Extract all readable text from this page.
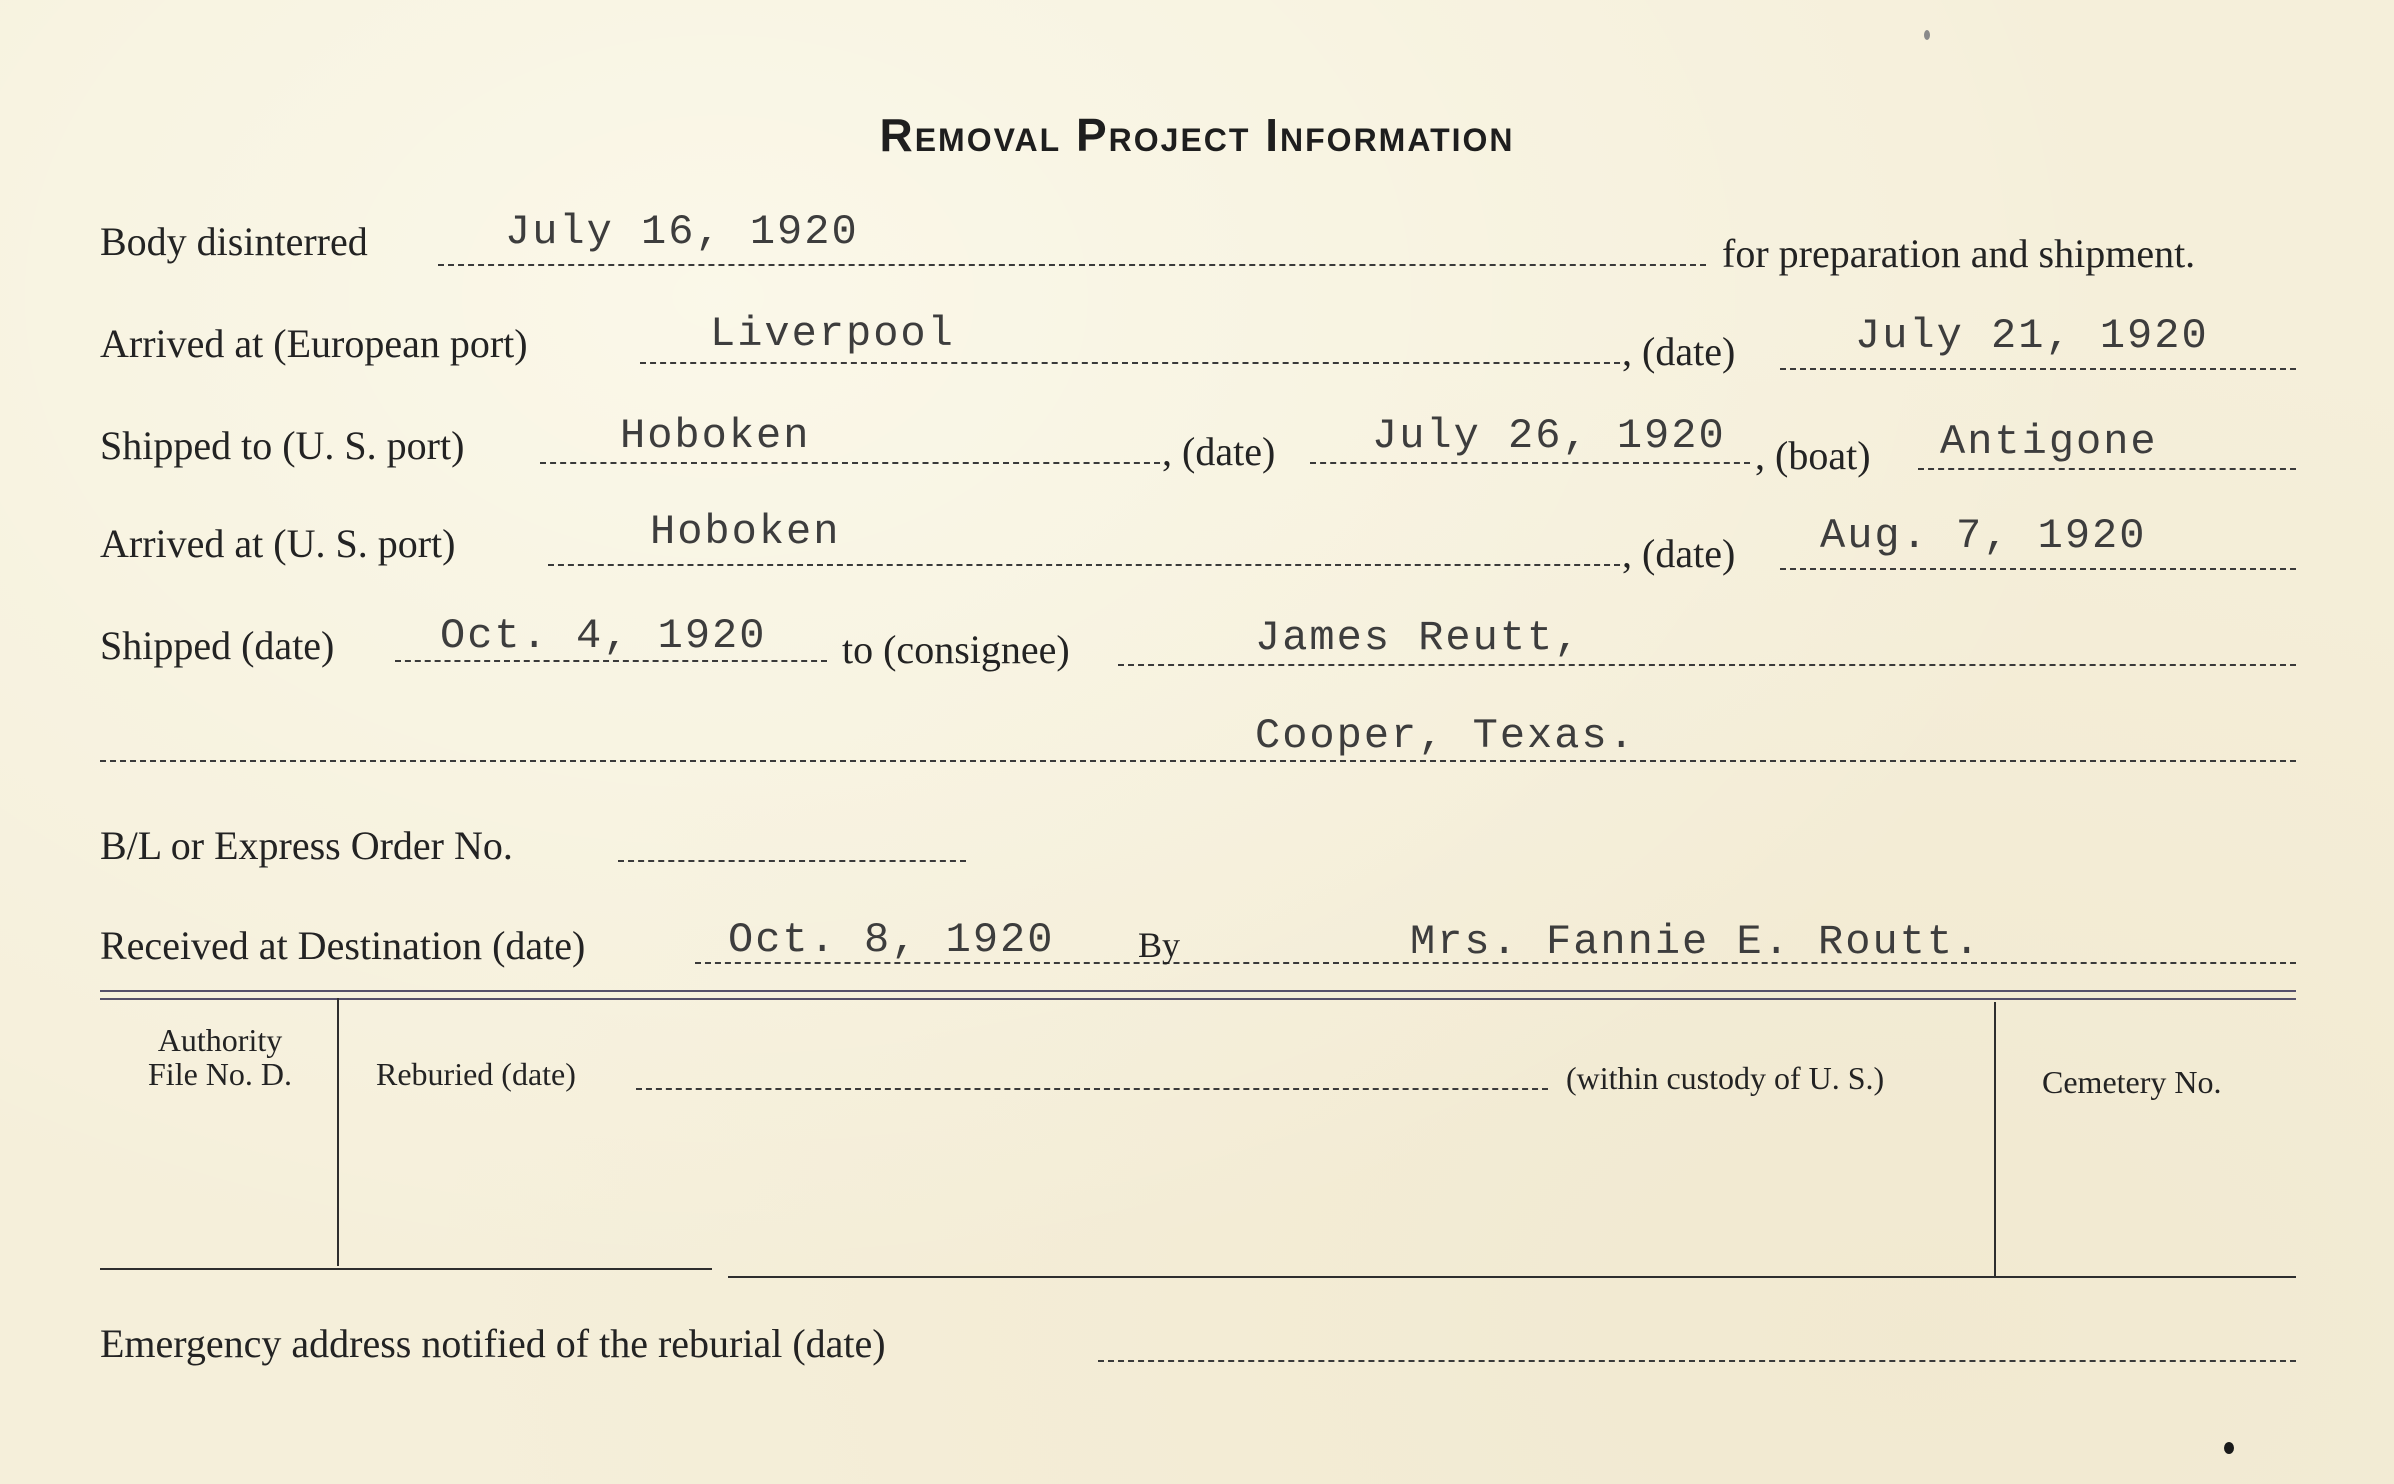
Removal Project Information
Body disinterred	July 16, 1920	for preparation and shipment.
Arrived at (European port)	Liverpool	, (date)	July 21, 1920
Shipped to (U. S. port)	Hoboken	, (date) July 26, 1920 , (boat) Antigone
Arrived at (U. S. port)	Hoboken	, (date) Aug. 7, 1920
Shipped (date)	Oct. 4, 1920 to (consignee)	James Reutt,
Cooper, Texas.
B/L or Express Order No.
Received at Destination (date)	Oct. 8, 1920 By	Mrs. Fannie E. Routt.
Authority
File No. D.	Reburied (date)	(within custody of U. S.)	Cemetery No.
Emergency address notified of the reburial (date)
